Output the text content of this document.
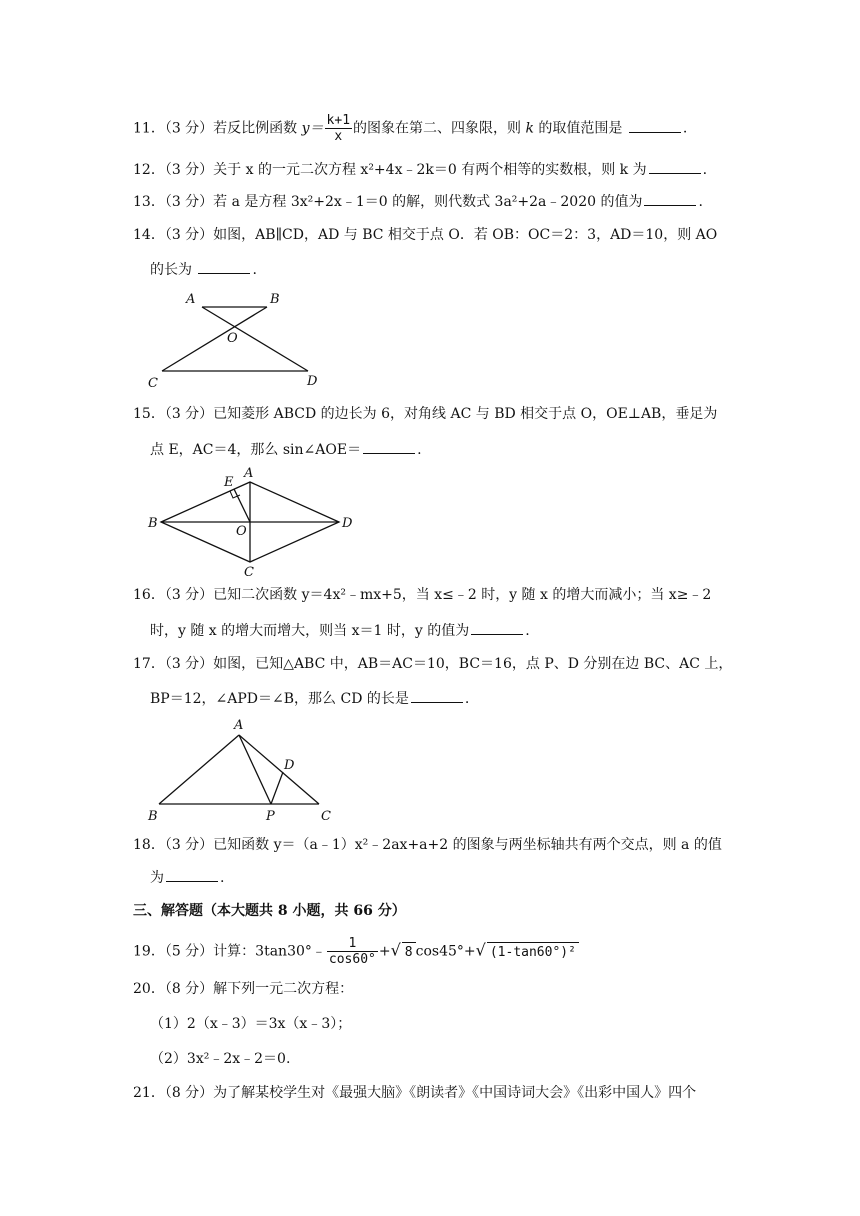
11．（3 分）若反比例函数 $y= \frac{k+1}{x}$ 的图象在第二、四象限，则 k 的取值范围是	.
12．（3 分）关于 x 的一元二次方程 x²+4x﹣2k＝0 有两个相等的实数根，则 k 为	.
13．（3 分）若 a 是方程 3x²+2x﹣1＝0 的解，则代数式 3a²+2a﹣2020 的值为	.
14．（3 分）如图，AB∥CD，AD 与 BC 相交于点 O．若 OB：OC＝2：3，AD＝10，则 AO
的长为	.
A	B
O
C	D
15．（3 分）已知菱形 ABCD 的边长为 6，对角线 AC 与 BD 相交于点 O，OE⊥AB，垂足为
点 E，AC＝4，那么 sin∠AOE＝	.
A
B	D
C
E
O
16．（3 分）已知二次函数 y＝4x²﹣mx+5，当 x≤﹣2 时，y 随 x 的增大而减小；当 x≥﹣2
时，y 随 x 的增大而增大，则当 x＝1 时，y 的值为	.
17．（3 分）如图，已知△ABC 中，AB＝AC＝10，BC＝16，点 P、D 分别在边 BC、AC 上，
BP＝12，∠APD＝∠B，那么 CD 的长是	.
A
B	C
D
P
18．（3 分）已知函数 y＝（a﹣1）x²﹣2ax+a+2 的图象与两坐标轴共有两个交点，则 a 的值
为	.
三、解答题（本大题共 8 小题，共 66 分）
19．（5 分）计算：3tan30°﹣ $\frac{1}{\cos 60^\circ}$ +√ 8 cos45°+√ (1-tan60°)²
20．（8 分）解下列一元二次方程：
（1）2（x﹣3）＝3x（x﹣3）；
（2）3x²﹣2x﹣2＝0.
21．（8 分）为了解某校学生对《最强大脑》《朗读者》《中国诗词大会》《出彩中国人》四个
